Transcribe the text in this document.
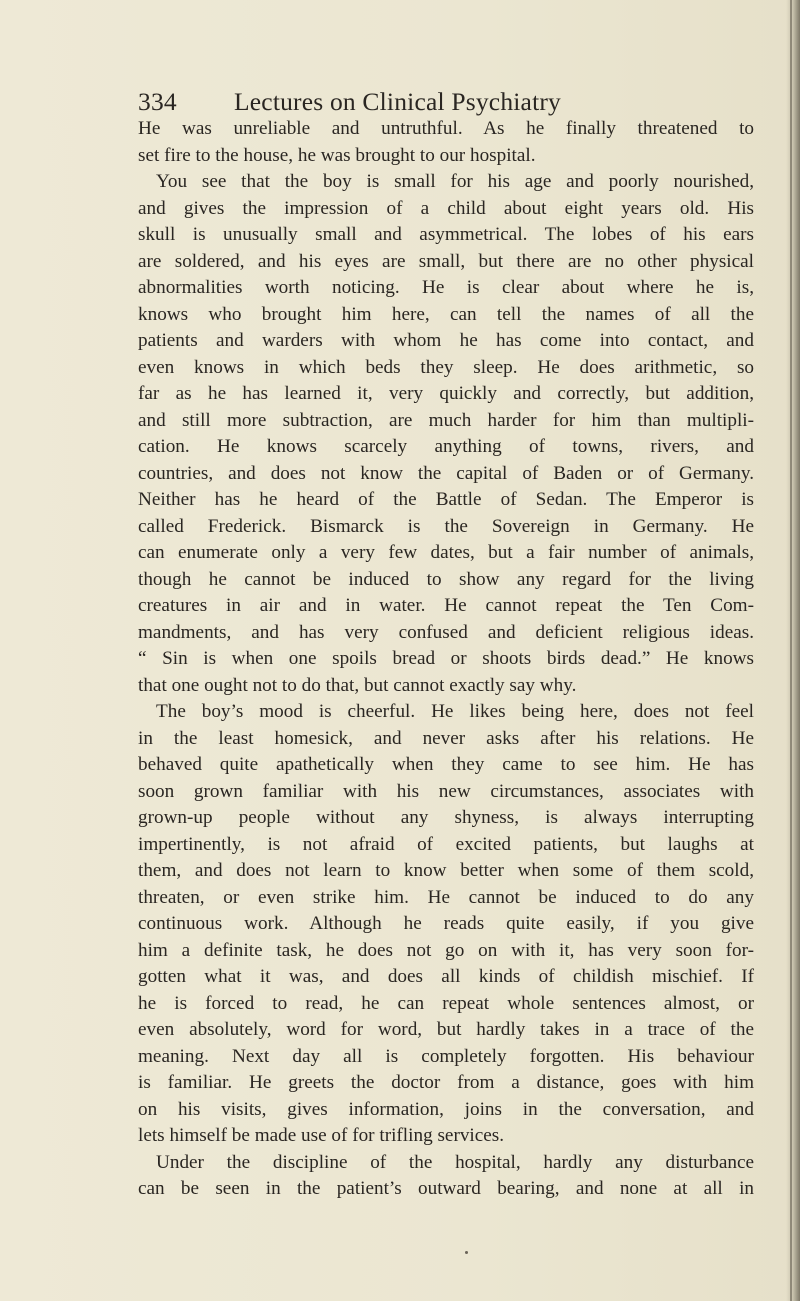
334 Lectures on Clinical Psychiatry
He was unreliable and untruthful. As he finally threatened to
set fire to the house, he was brought to our hospital.
You see that the boy is small for his age and poorly nourished,
and gives the impression of a child about eight years old. His
skull is unusually small and asymmetrical. The lobes of his ears
are soldered, and his eyes are small, but there are no other physical
abnormalities worth noticing. He is clear about where he is,
knows who brought him here, can tell the names of all the
patients and warders with whom he has come into contact, and
even knows in which beds they sleep. He does arithmetic, so
far as he has learned it, very quickly and correctly, but addition,
and still more subtraction, are much harder for him than multipli-
cation. He knows scarcely anything of towns, rivers, and
countries, and does not know the capital of Baden or of Germany.
Neither has he heard of the Battle of Sedan. The Emperor is
called Frederick. Bismarck is the Sovereign in Germany. He
can enumerate only a very few dates, but a fair number of animals,
though he cannot be induced to show any regard for the living
creatures in air and in water. He cannot repeat the Ten Com-
mandments, and has very confused and deficient religious ideas.
“ Sin is when one spoils bread or shoots birds dead.” He knows
that one ought not to do that, but cannot exactly say why.
The boy’s mood is cheerful. He likes being here, does not feel
in the least homesick, and never asks after his relations. He
behaved quite apathetically when they came to see him. He has
soon grown familiar with his new circumstances, associates with
grown-up people without any shyness, is always interrupting
impertinently, is not afraid of excited patients, but laughs at
them, and does not learn to know better when some of them scold,
threaten, or even strike him. He cannot be induced to do any
continuous work. Although he reads quite easily, if you give
him a definite task, he does not go on with it, has very soon for-
gotten what it was, and does all kinds of childish mischief. If
he is forced to read, he can repeat whole sentences almost, or
even absolutely, word for word, but hardly takes in a trace of the
meaning. Next day all is completely forgotten. His behaviour
is familiar. He greets the doctor from a distance, goes with him
on his visits, gives information, joins in the conversation, and
lets himself be made use of for trifling services.
Under the discipline of the hospital, hardly any disturbance
can be seen in the patient’s outward bearing, and none at all in
